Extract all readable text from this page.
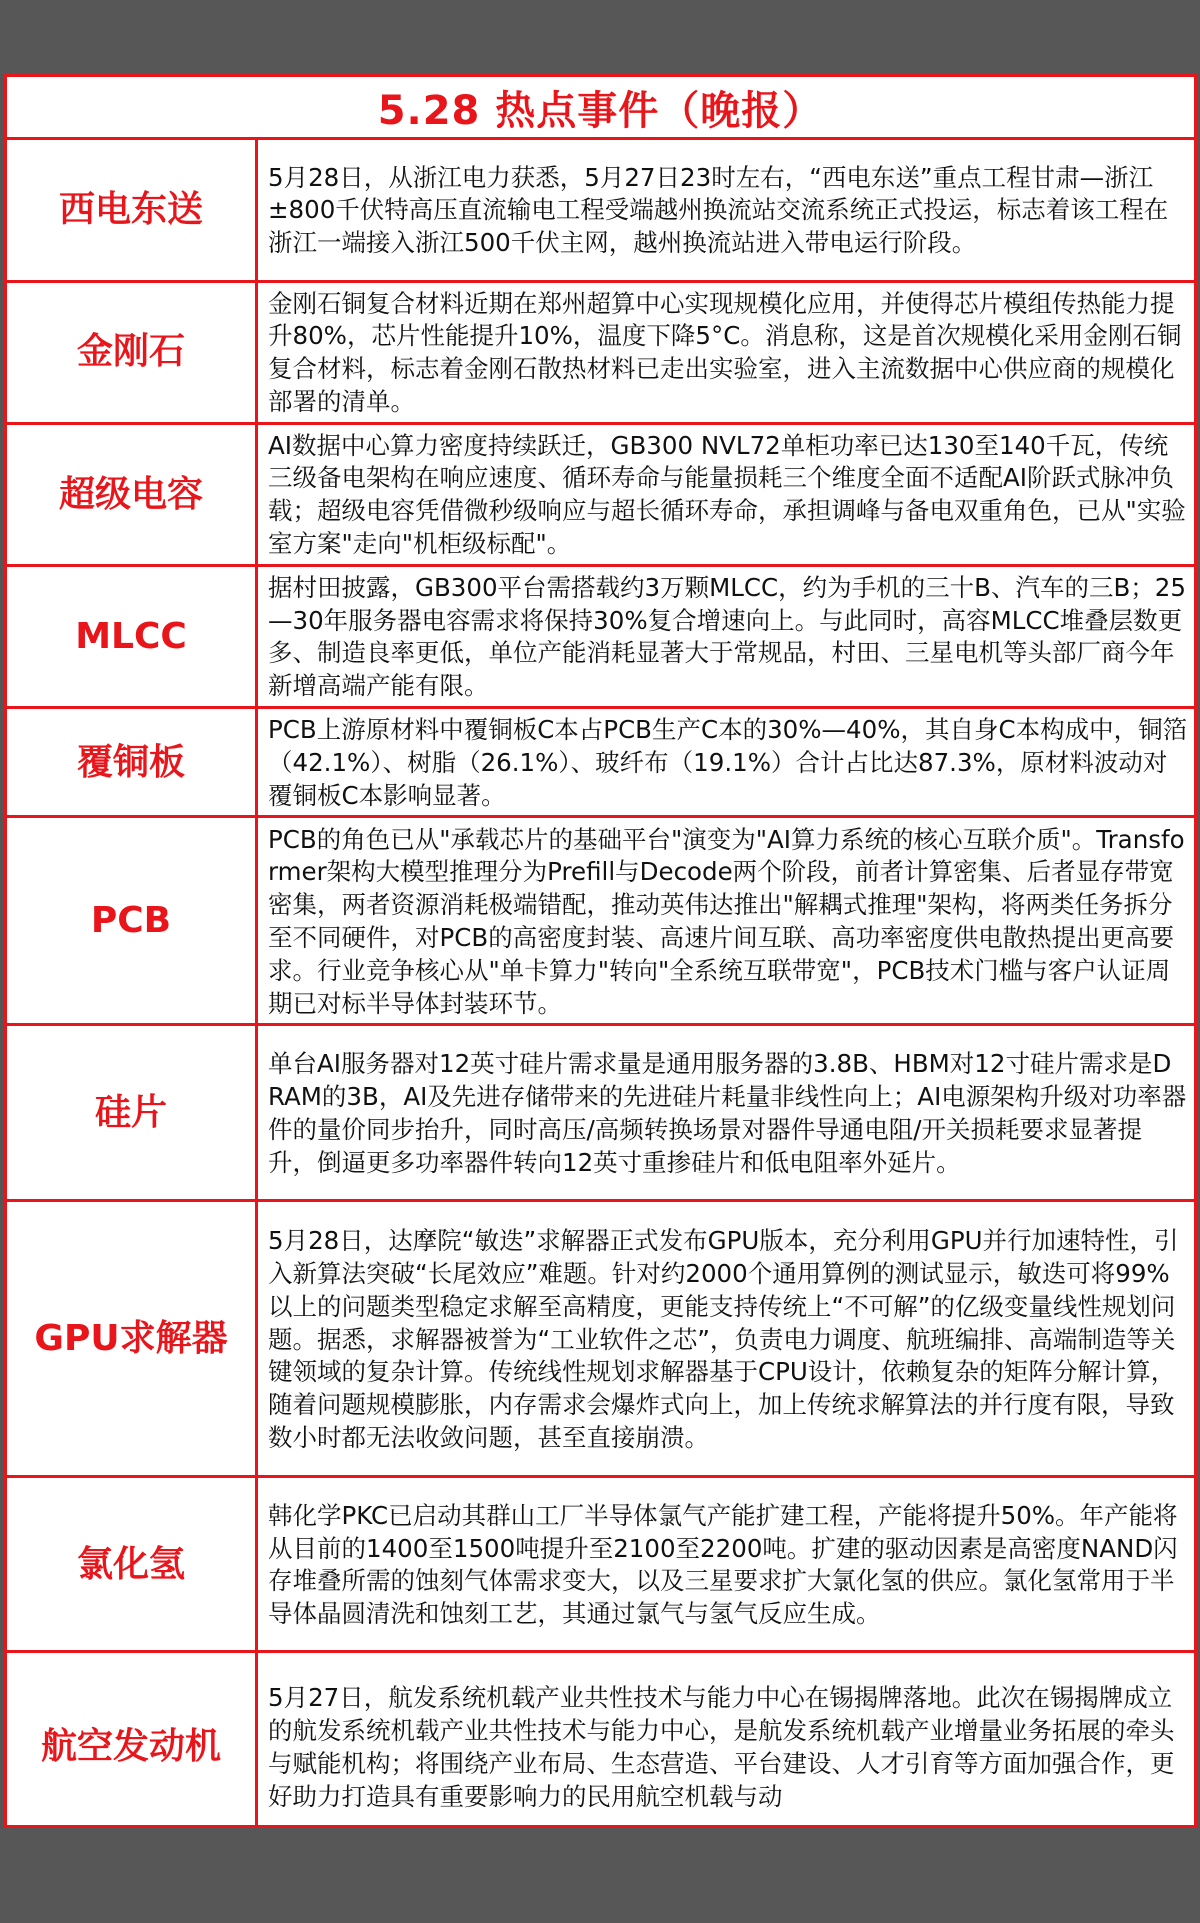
5.28 热点事件（晚报）
西电东送	5月28日，从浙江电力获悉，5月27日23时左右，“西电东送”重点工程甘肃—浙江±800千伏特高压直流输电工程受端越州换流站交流系统正式投运，标志着该工程在浙江一端接入浙江500千伏主网，越州换流站进入带电运行阶段。
金刚石	金刚石铜复合材料近期在郑州超算中心实现规模化应用，并使得芯片模组传热能力提升80%，芯片性能提升10%，温度下降5°C。消息称，这是首次规模化采用金刚石铜复合材料，标志着金刚石散热材料已走出实验室，进入主流数据中心供应商的规模化部署的清单。
超级电容	AI数据中心算力密度持续跃迁，GB300 NVL72单柜功率已达130至140千瓦，传统三级备电架构在响应速度、循环寿命与能量损耗三个维度全面不适配AI阶跃式脉冲负载；超级电容凭借微秒级响应与超长循环寿命，承担调峰与备电双重角色，已从"实验室方案"走向"机柜级标配"。
MLCC	据村田披露，GB300平台需搭载约3万颗MLCC，约为手机的三十B、汽车的三B；25—30年服务器电容需求将保持30%复合增速向上。与此同时，高容MLCC堆叠层数更多、制造良率更低，单位产能消耗显著大于常规品，村田、三星电机等头部厂商今年新增高端产能有限。
覆铜板	PCB上游原材料中覆铜板C本占PCB生产C本的30%—40%，其自身C本构成中，铜箔（42.1%）、树脂（26.1%）、玻纤布（19.1%）合计占比达87.3%，原材料波动对覆铜板C本影响显著。
PCB	PCB的角色已从"承载芯片的基础平台"演变为"AI算力系统的核心互联介质"。Transformer架构大模型推理分为Prefill与Decode两个阶段，前者计算密集、后者显存带宽密集，两者资源消耗极端错配，推动英伟达推出"解耦式推理"架构，将两类任务拆分至不同硬件，对PCB的高密度封装、高速片间互联、高功率密度供电散热提出更高要求。行业竞争核心从"单卡算力"转向"全系统互联带宽"，PCB技术门槛与客户认证周期已对标半导体封装环节。
硅片	单台AI服务器对12英寸硅片需求量是通用服务器的3.8B、HBM对12寸硅片需求是DRAM的3B，AI及先进存储带来的先进硅片耗量非线性向上；AI电源架构升级对功率器件的量价同步抬升，同时高压/高频转换场景对器件导通电阻/开关损耗要求显著提升，倒逼更多功率器件转向12英寸重掺硅片和低电阻率外延片。
GPU求解器	5月28日，达摩院“敏迭”求解器正式发布GPU版本，充分利用GPU并行加速特性，引入新算法突破“长尾效应”难题。针对约2000个通用算例的测试显示，敏迭可将99%以上的问题类型稳定求解至高精度，更能支持传统上“不可解”的亿级变量线性规划问题。据悉，求解器被誉为“工业软件之芯”，负责电力调度、航班编排、高端制造等关键领域的复杂计算。传统线性规划求解器基于CPU设计，依赖复杂的矩阵分解计算，随着问题规模膨胀，内存需求会爆炸式向上，加上传统求解算法的并行度有限，导致数小时都无法收敛问题，甚至直接崩溃。
氯化氢	韩化学PKC已启动其群山工厂半导体氯气产能扩建工程，产能将提升50%。年产能将从目前的1400至1500吨提升至2100至2200吨。扩建的驱动因素是高密度NAND闪存堆叠所需的蚀刻气体需求变大，以及三星要求扩大氯化氢的供应。氯化氢常用于半导体晶圆清洗和蚀刻工艺，其通过氯气与氢气反应生成。
航空发动机	5月27日，航发系统机载产业共性技术与能力中心在锡揭牌落地。此次在锡揭牌成立的航发系统机载产业共性技术与能力中心，是航发系统机载产业增量业务拓展的牵头与赋能机构；将围绕产业布局、生态营造、平台建设、人才引育等方面加强合作，更好助力打造具有重要影响力的民用航空机载与动
